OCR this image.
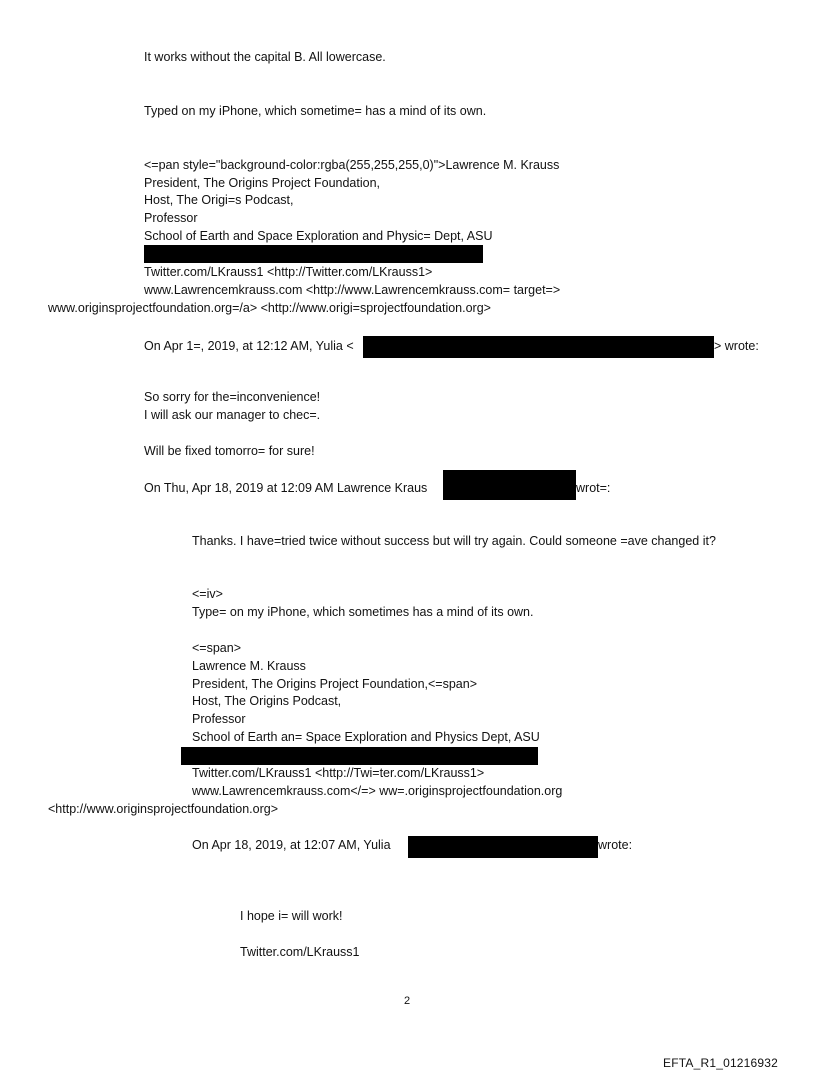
It works without the capital B. All lowercase.
Typed on my iPhone, which sometime= has a mind of its own.
<=pan style="background-color:rgba(255,255,255,0)">Lawrence M. Krauss
President, The Origins Project Foundation,
Host, The Origi=s Podcast,
Professor
School of Earth and Space Exploration and Physic= Dept, ASU
Twitter.com/LKrauss1 <http://Twitter.com/LKrauss1>
www.Lawrencemkrauss.com <http://www.Lawrencemkrauss.com= target=>
www.originsprojectfoundation.org=/a> <http://www.origi=sprojectfoundation.org>
On Apr 1=, 2019, at 12:12 AM, Yulia <	> wrote:
So sorry for the=inconvenience!
I will ask our manager to chec=.
Will be fixed tomorro= for sure!
On Thu, Apr 18, 2019 at 12:09 AM Lawrence Kraus	wrot=:
Thanks. I have=tried twice without success but will try again. Could someone =ave changed it?
<=iv>
Type= on my iPhone, which sometimes has a mind of its own.
<=span>
Lawrence M. Krauss
President, The Origins Project Foundation,<=span>
Host, The Origins Podcast,
Professor
School of Earth an= Space Exploration and Physics Dept, ASU
Twitter.com/LKrauss1 <http://Twi=ter.com/LKrauss1>
www.Lawrencemkrauss.com</=> ww=.originsprojectfoundation.org
<http://www.originsprojectfoundation.org>
On Apr 18, 2019, at 12:07 AM, Yulia	wrote:
I hope i= will work!
Twitter.com/LKrauss1
2
EFTA_R1_01216932
